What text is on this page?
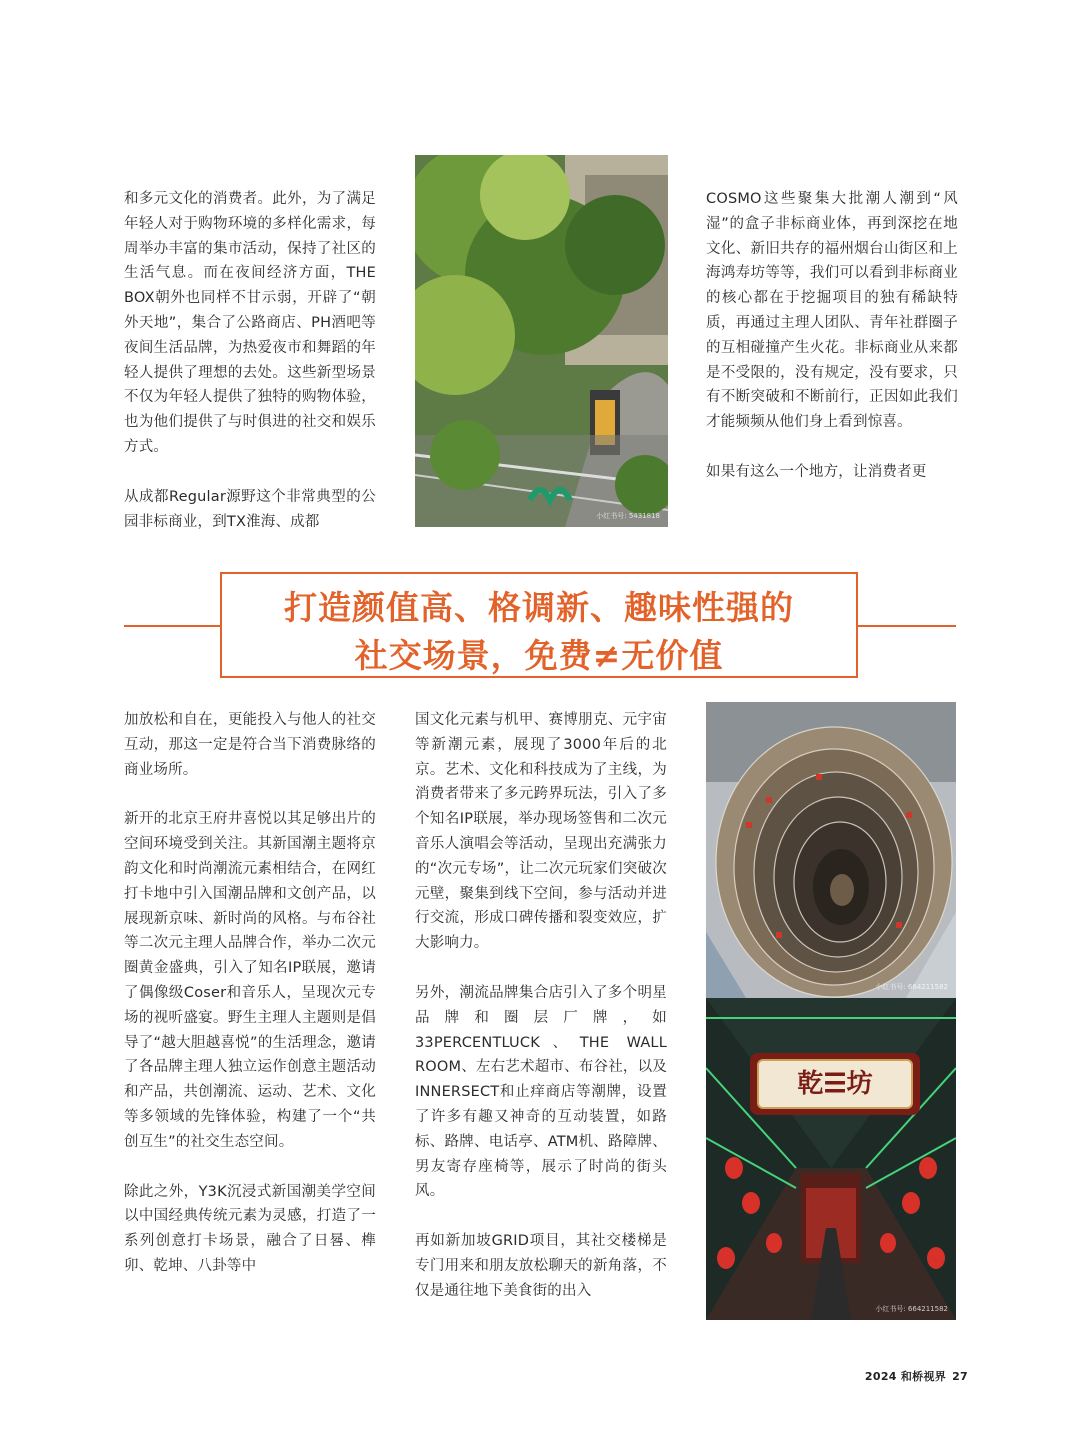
和多元文化的消费者。此外，为了满足年轻人对于购物环境的多样化需求，每周举办丰富的集市活动，保持了社区的生活气息。而在夜间经济方面，THE BOX朝外也同样不甘示弱，开辟了“朝外天地”，集合了公路商店、PH酒吧等夜间生活品牌，为热爱夜市和舞蹈的年轻人提供了理想的去处。这些新型场景不仅为年轻人提供了独特的购物体验，也为他们提供了与时俱进的社交和娱乐方式。

从成都Regular源野这个非常典型的公园非标商业，到TX淮海、成都	小红书号: 5431818

COSMO这些聚集大批潮人潮到“风湿”的盒子非标商业体，再到深挖在地文化、新旧共存的福州烟台山街区和上海鸿寿坊等等，我们可以看到非标商业的核心都在于挖掘项目的独有稀缺特质，再通过主理人团队、青年社群圈子的互相碰撞产生火花。非标商业从来都是不受限的，没有规定，没有要求，只有不断突破和不断前行，正因如此我们才能频频从他们身上看到惊喜。

如果有这么一个地方，让消费者更

打造颜值高、格调新、趣味性强的
社交场景，免费≠无价值

加放松和自在，更能投入与他人的社交互动，那这一定是符合当下消费脉络的商业场所。

新开的北京王府井喜悦以其足够出片的空间环境受到关注。其新国潮主题将京韵文化和时尚潮流元素相结合，在网红打卡地中引入国潮品牌和文创产品，以展现新京味、新时尚的风格。与布谷社等二次元主理人品牌合作，举办二次元圈黄金盛典，引入了知名IP联展，邀请了偶像级Coser和音乐人，呈现次元专场的视听盛宴。野生主理人主题则是倡导了“越大胆越喜悦”的生活理念，邀请了各品牌主理人独立运作创意主题活动和产品，共创潮流、运动、艺术、文化等多领域的先锋体验，构建了一个“共创互生”的社交生态空间。

除此之外，Y3K沉浸式新国潮美学空间以中国经典传统元素为灵感，打造了一系列创意打卡场景，融合了日晷、榫卯、乾坤、八卦等中

国文化元素与机甲、赛博朋克、元宇宙等新潮元素，展现了3000年后的北京。艺术、文化和科技成为了主线，为消费者带来了多元跨界玩法，引入了多个知名IP联展，举办现场签售和二次元音乐人演唱会等活动，呈现出充满张力的“次元专场”，让二次元玩家们突破次元壁，聚集到线下空间，参与活动并进行交流，形成口碑传播和裂变效应，扩大影响力。

另外，潮流品牌集合店引入了多个明星品牌和圈层厂牌，如33PERCENTLUCK、THE WALL ROOM、左右艺术超市、布谷社，以及INNERSECT和止痒商店等潮牌，设置了许多有趣又神奇的互动装置，如路标、路牌、电话亭、ATM机、路障牌、男友寄存座椅等，展示了时尚的街头风。

再如新加坡GRID项目，其社交楼梯是专门用来和朋友放松聊天的新角落，不仅是通往地下美食街的出入

小红书号: 664211582
乾☰坊
小红书号: 664211582
2024 和桥视界 27
